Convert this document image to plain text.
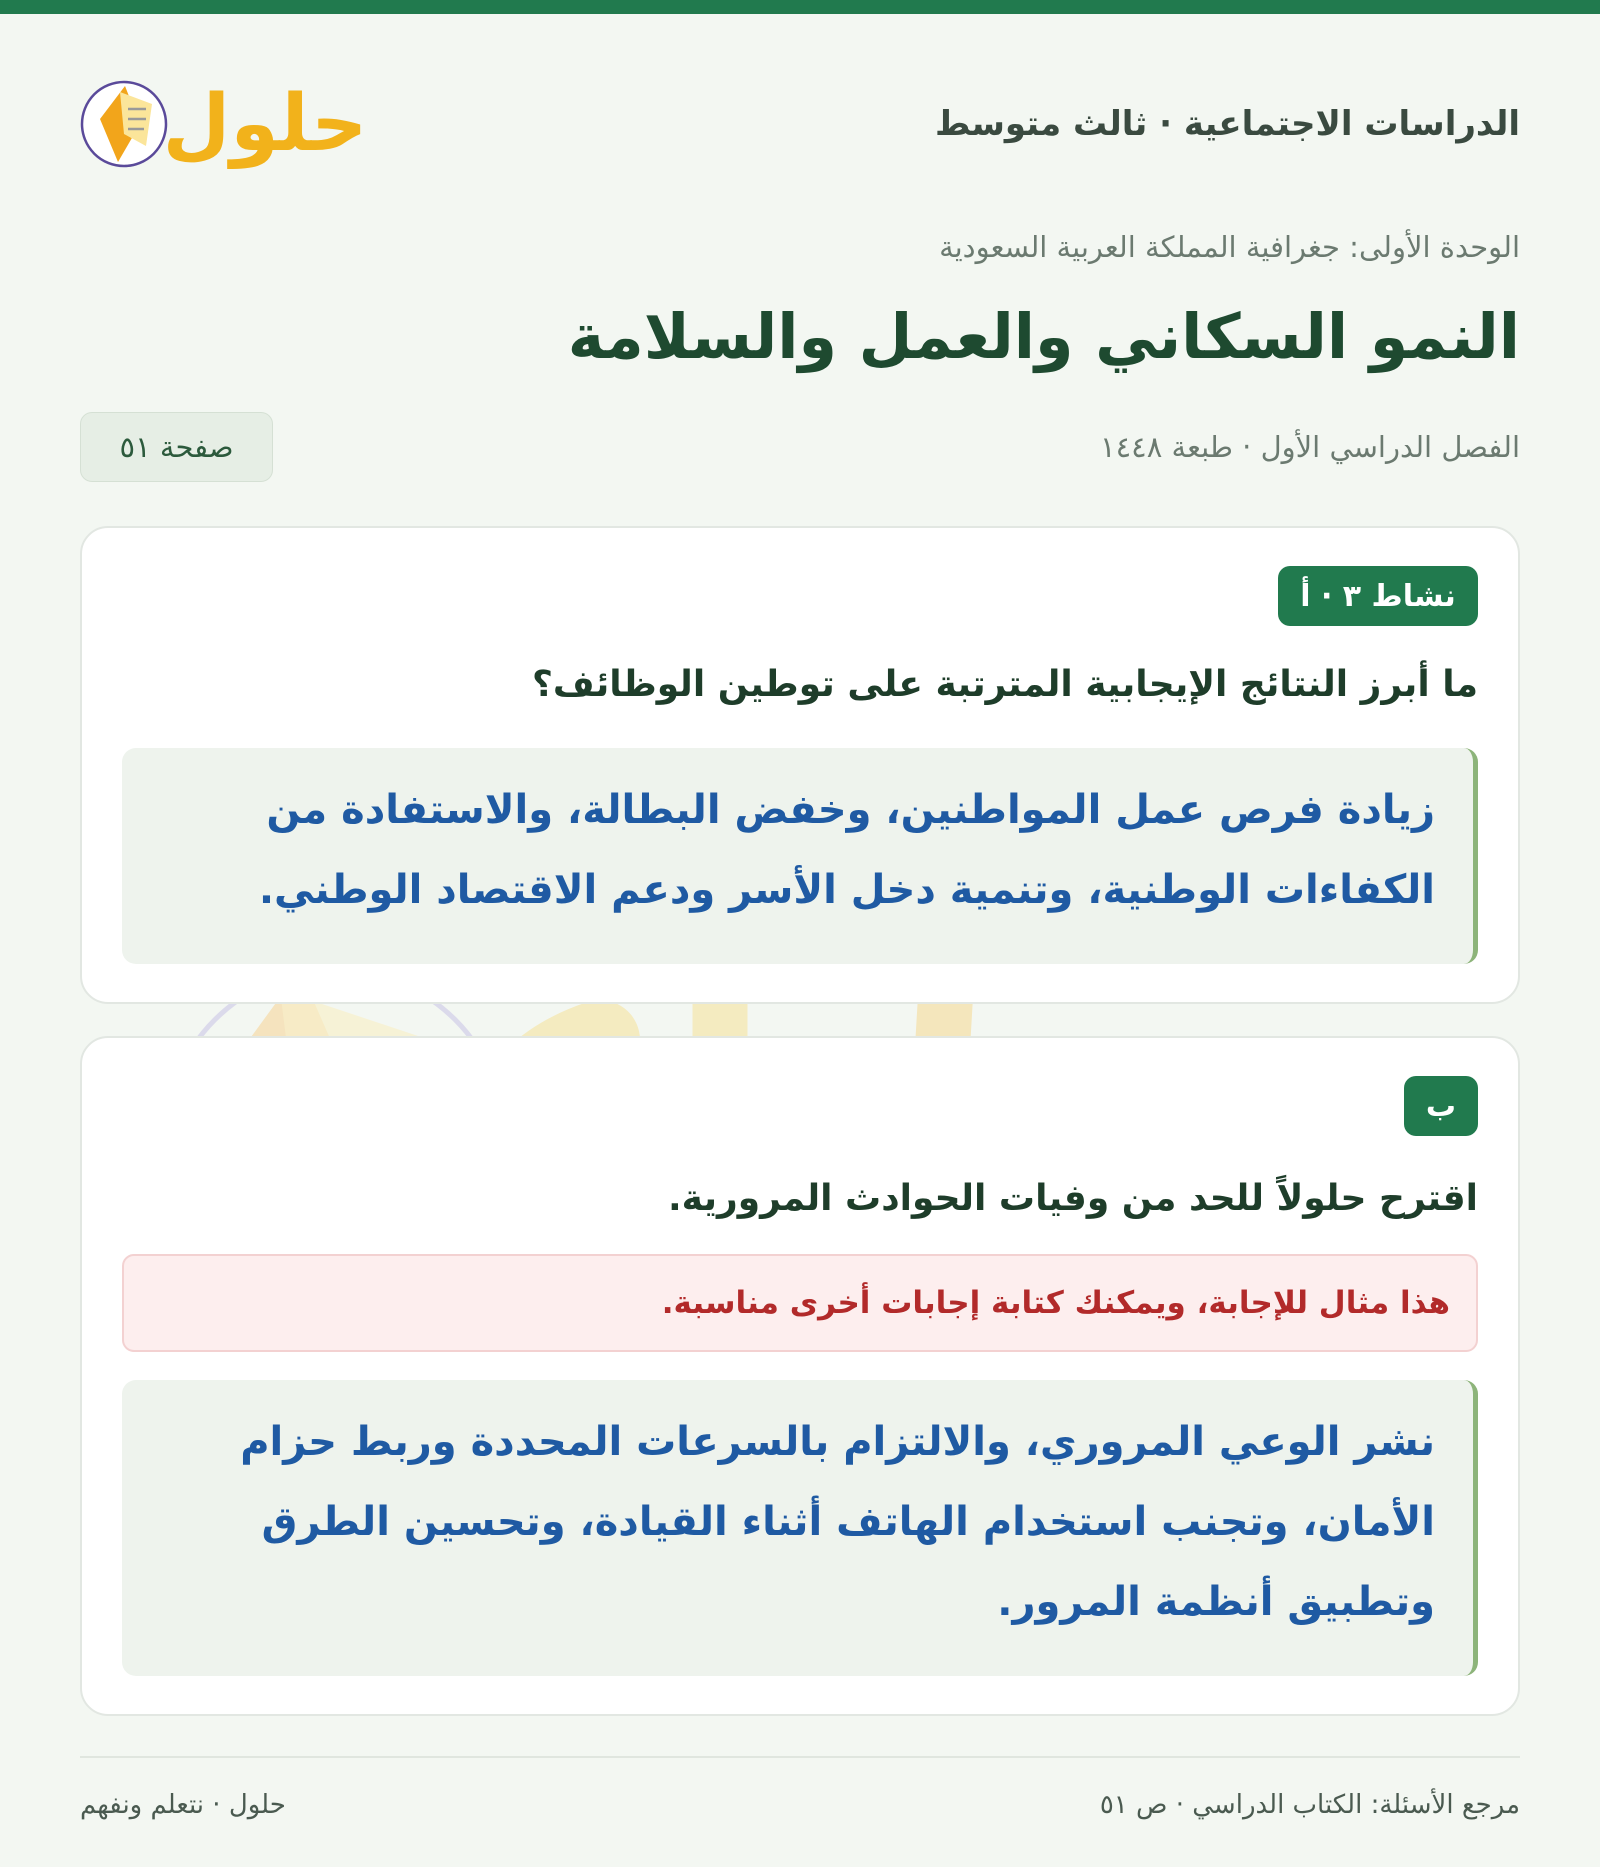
حلول	الدراسات الاجتماعية · ثالث متوسط
الوحدة الأولى: جغرافية المملكة العربية السعودية
النمو السكاني والعمل والسلامة
الفصل الدراسي الأول · طبعة ١٤٤٨
صفحة ٥١
نشاط ٣ · أ
ما أبرز النتائج الإيجابية المترتبة على توطين الوظائف؟
زيادة فرص عمل المواطنين، وخفض البطالة، والاستفادة من الكفاءات الوطنية، وتنمية دخل الأسر ودعم الاقتصاد الوطني.
ب
اقترح حلولاً للحد من وفيات الحوادث المرورية.
هذا مثال للإجابة، ويمكنك كتابة إجابات أخرى مناسبة.
نشر الوعي المروري، والالتزام بالسرعات المحددة وربط حزام الأمان، وتجنب استخدام الهاتف أثناء القيادة، وتحسين الطرق وتطبيق أنظمة المرور.
مرجع الأسئلة: الكتاب الدراسي · ص ٥١
حلول · نتعلم ونفهم
